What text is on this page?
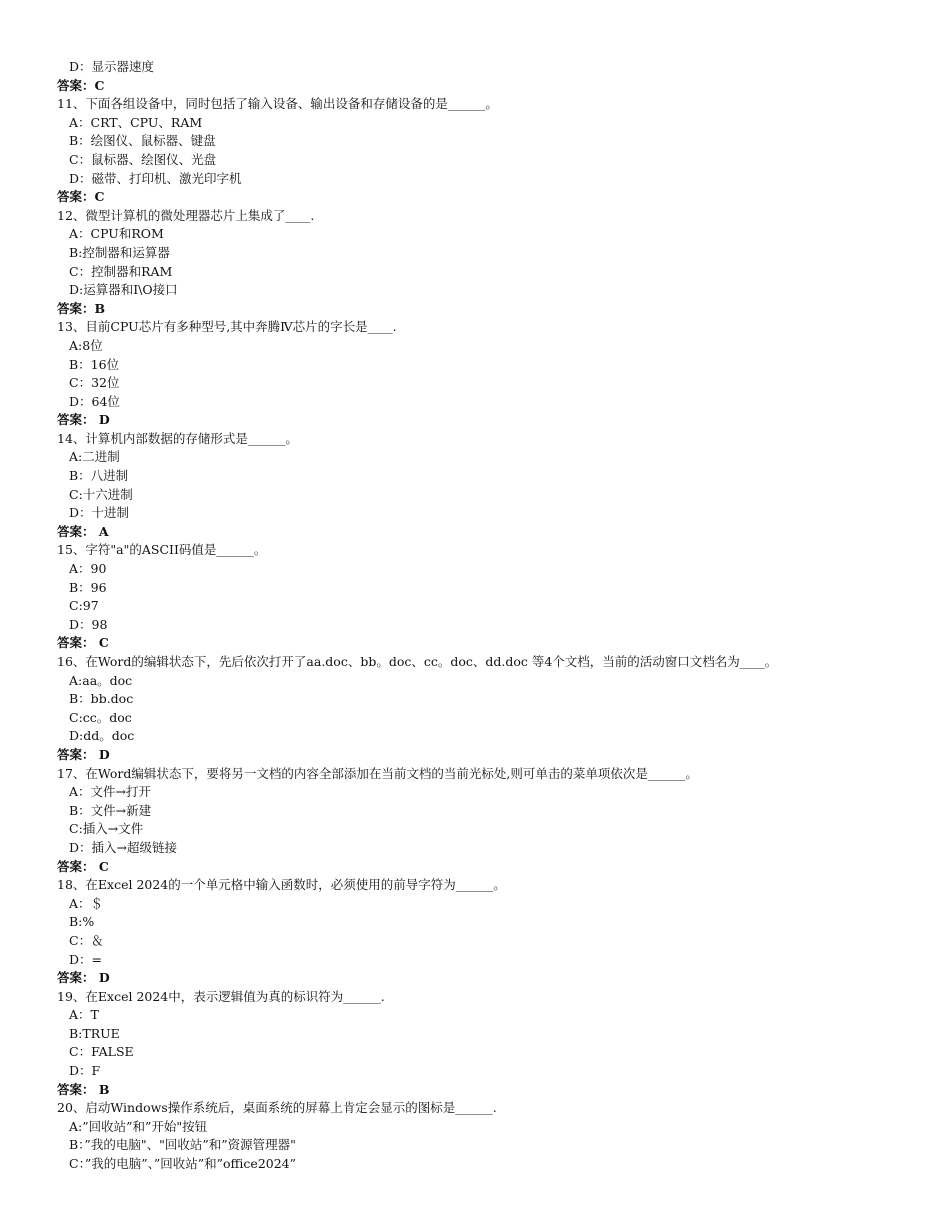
D：显示器速度
答案：C
11、下面各组设备中，同时包括了输入设备、输出设备和存储设备的是______。
A：CRT、CPU、RAM
B：绘图仪、鼠标器、键盘
C：鼠标器、绘图仪、光盘
D：磁带、打印机、激光印字机
答案：C
12、微型计算机的微处理器芯片上集成了____.
A：CPU和ROM
B:控制器和运算器
C：控制器和RAM
D:运算器和I\O接口
答案：B
13、目前CPU芯片有多种型号,其中奔腾Ⅳ芯片的字长是____.
A:8位
B：16位
C：32位
D：64位
答案： D
14、计算机内部数据的存储形式是______。
A:二进制
B：八进制
C:十六进制
D：十进制
答案： A
15、字符"a"的ASCII码值是______。
A：90
B：96
C:97
D：98
答案： C
16、在Word的编辑状态下，先后依次打开了aa.doc、bb。doc、cc。doc、dd.doc 等4个文档，当前的活动窗口文档名为____。
A:aa。doc
B：bb.doc
C:cc。doc
D:dd。doc
答案： D
17、在Word编辑状态下，要将另一文档的内容全部添加在当前文档的当前光标处,则可单击的菜单项依次是______。
A：文件→打开
B：文件→新建
C:插入→文件
D：插入→超级链接
答案： C
18、在Excel 2024的一个单元格中输入函数时，必须使用的前导字符为______。
A：＄
B:%
C：＆
D：=
答案： D
19、在Excel 2024中，表示逻辑值为真的标识符为______.
A：T
B:TRUE
C：FALSE
D：F
答案： B
20、启动Windows操作系统后，桌面系统的屏幕上肯定会显示的图标是______.
A:”回收站”和”开始"按钮
B：”我的电脑"、"回收站”和”资源管理器"
C：”我的电脑”、”回收站”和”office2024”
